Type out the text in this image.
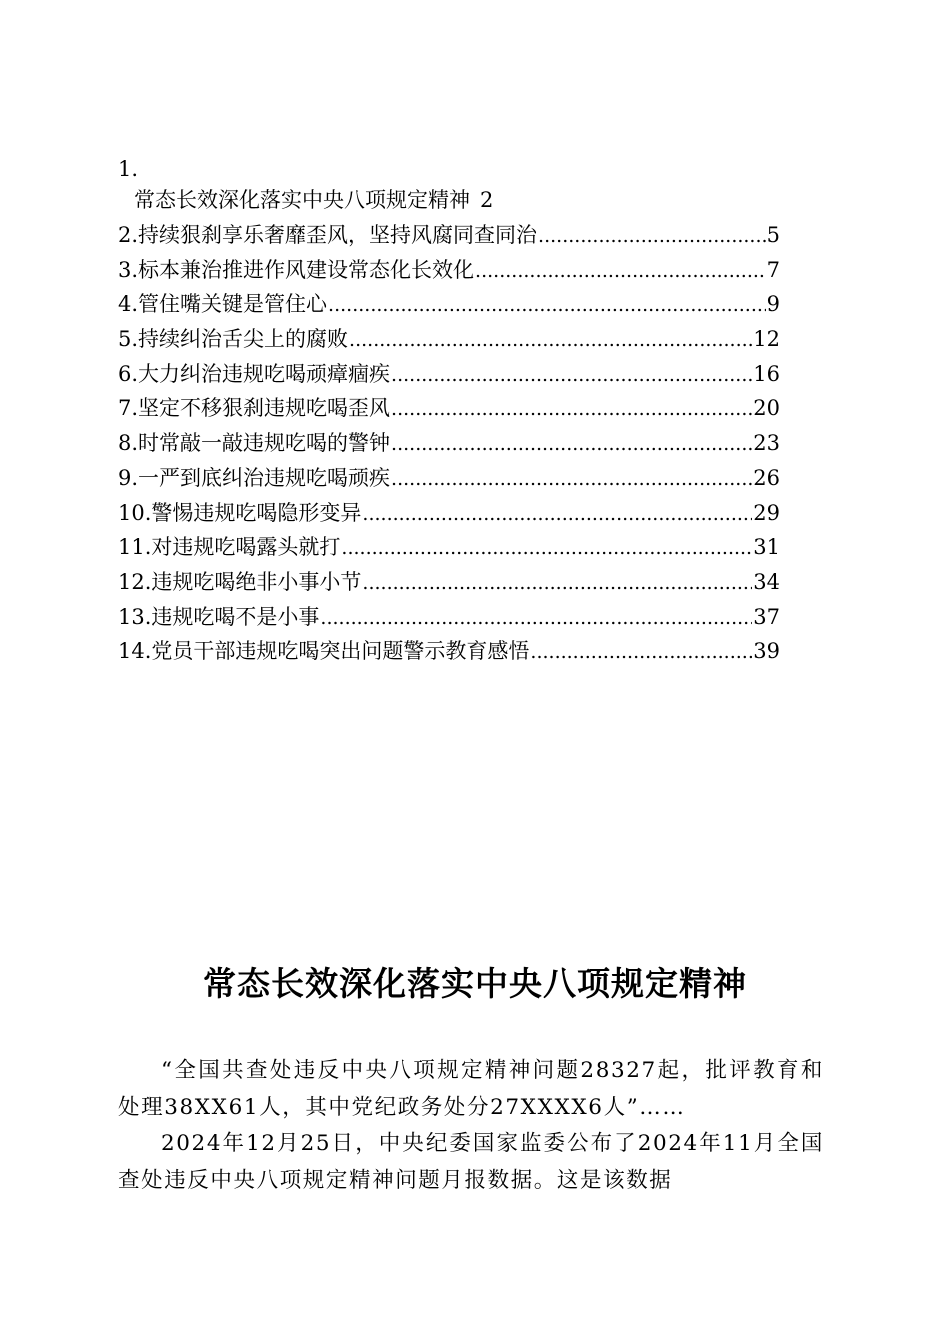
1.
常态长效深化落实中央八项规定精神 2
2.持续狠刹享乐奢靡歪风，坚持风腐同查同治 .....	5
3.标本兼治推进作风建设常态化长效化 .....	7
4.管住嘴关键是管住心 .....	9
5.持续纠治舌尖上的腐败 .....	12
6.大力纠治违规吃喝顽瘴痼疾 .....	16
7.坚定不移狠刹违规吃喝歪风 .....	20
8.时常敲一敲违规吃喝的警钟 .....	23
9.一严到底纠治违规吃喝顽疾 .....	26
10.警惕违规吃喝隐形变异 .....	29
11.对违规吃喝露头就打 .....	31
12.违规吃喝绝非小事小节 .....	34
13.违规吃喝不是小事 .....	37
14.党员干部违规吃喝突出问题警示教育感悟 .....	39
常态长效深化落实中央八项规定精神

“全国共查处违反中央八项规定精神问题28327起，批评教育和处理38XX61人，其中党纪政务处分27XXXX6人”……

2024年12月25日，中央纪委国家监委公布了2024年11月全国查处违反中央八项规定精神问题月报数据。这是该数据
